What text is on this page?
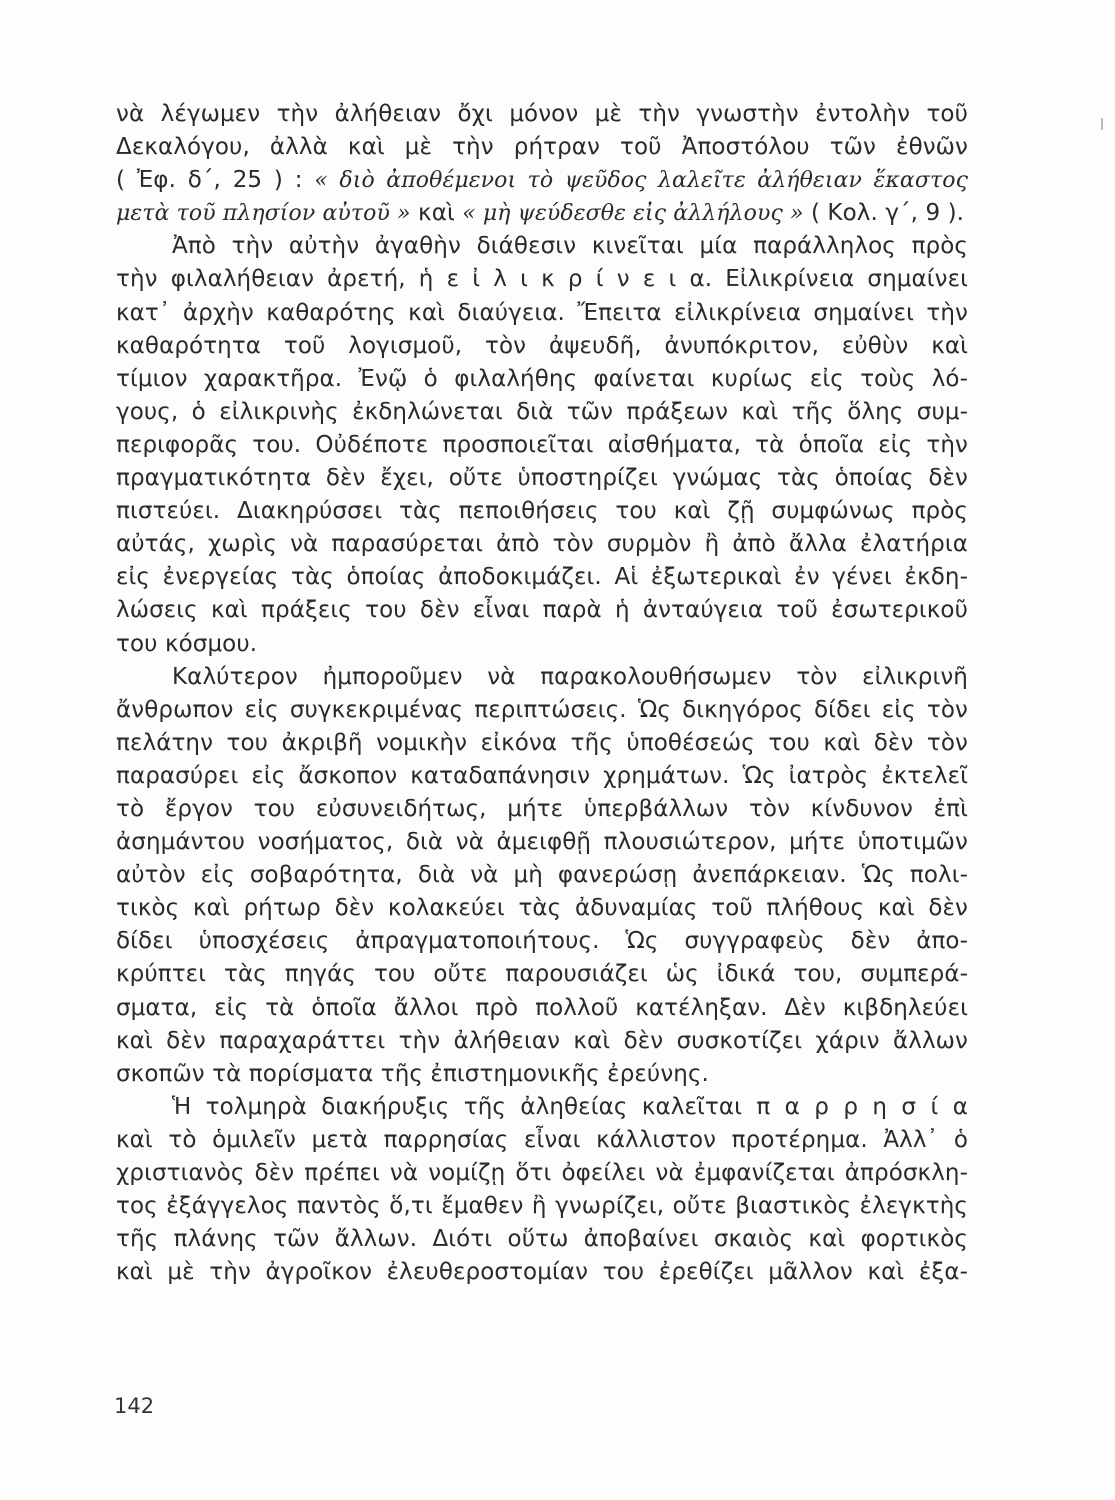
νὰ λέγωμεν τὴν ἀλήθειαν ὄχι μόνον μὲ τὴν γνωστὴν ἐντολὴν τοῦ
Δεκαλόγου, ἀλλὰ καὶ μὲ τὴν ρήτραν τοῦ Ἀποστόλου τῶν ἐθνῶν
( Ἐφ. δ΄, 25 ) : « διὸ ἀποθέμενοι τὸ ψεῦδος λαλεῖτε ἀλήθειαν ἕκαστος
μετὰ τοῦ πλησίον αὐτοῦ » καὶ « μὴ ψεύδεσθε εἰς ἀλλήλους » ( Κολ. γ΄, 9 ).
Ἀπὸ τὴν αὐτὴν ἀγαθὴν διάθεσιν κινεῖται μία παράλληλος πρὸς
τὴν φιλαλήθειαν ἀρετή, ἡ ε ἰ λ ι κ ρ ί ν ε ι α. Εἰλικρίνεια σημαίνει
κατ᾿ ἀρχὴν καθαρότης καὶ διαύγεια. Ἔπειτα εἰλικρίνεια σημαίνει τὴν
καθαρότητα τοῦ λογισμοῦ, τὸν ἀψευδῆ, ἀνυπόκριτον, εὐθὺν καὶ
τίμιον χαρακτῆρα. Ἐνῷ ὁ φιλαλήθης φαίνεται κυρίως εἰς τοὺς λό-
γους, ὁ εἰλικρινὴς ἐκδηλώνεται διὰ τῶν πράξεων καὶ τῆς ὅλης συμ-
περιφορᾶς του. Οὐδέποτε προσποιεῖται αἰσθήματα, τὰ ὁποῖα εἰς τὴν
πραγματικότητα δὲν ἔχει, οὔτε ὑποστηρίζει γνώμας τὰς ὁποίας δὲν
πιστεύει. Διακηρύσσει τὰς πεποιθήσεις του καὶ ζῇ συμφώνως πρὸς
αὐτάς, χωρὶς νὰ παρασύρεται ἀπὸ τὸν συρμὸν ἢ ἀπὸ ἄλλα ἐλατήρια
εἰς ἐνεργείας τὰς ὁποίας ἀποδοκιμάζει. Αἱ ἐξωτερικαὶ ἐν γένει ἐκδη-
λώσεις καὶ πράξεις του δὲν εἶναι παρὰ ἡ ἀνταύγεια τοῦ ἐσωτερικοῦ
του κόσμου.
Καλύτερον ἠμποροῦμεν νὰ παρακολουθήσωμεν τὸν εἰλικρινῆ
ἄνθρωπον εἰς συγκεκριμένας περιπτώσεις. Ὡς δικηγόρος δίδει εἰς τὸν
πελάτην του ἀκριβῆ νομικὴν εἰκόνα τῆς ὑποθέσεώς του καὶ δὲν τὸν
παρασύρει εἰς ἄσκοπον καταδαπάνησιν χρημάτων. Ὡς ἰατρὸς ἐκτελεῖ
τὸ ἔργον του εὐσυνειδήτως, μήτε ὑπερβάλλων τὸν κίνδυνον ἐπὶ
ἀσημάντου νοσήματος, διὰ νὰ ἀμειφθῇ πλουσιώτερον, μήτε ὑποτιμῶν
αὐτὸν εἰς σοβαρότητα, διὰ νὰ μὴ φανερώσῃ ἀνεπάρκειαν. Ὡς πολι-
τικὸς καὶ ρήτωρ δὲν κολακεύει τὰς ἀδυναμίας τοῦ πλήθους καὶ δὲν
δίδει ὑποσχέσεις ἀπραγματοποιήτους. Ὡς συγγραφεὺς δὲν ἀπο-
κρύπτει τὰς πηγάς του οὔτε παρουσιάζει ὡς ἰδικά του, συμπερά-
σματα, εἰς τὰ ὁποῖα ἄλλοι πρὸ πολλοῦ κατέληξαν. Δὲν κιβδηλεύει
καὶ δὲν παραχαράττει τὴν ἀλήθειαν καὶ δὲν συσκοτίζει χάριν ἄλλων
σκοπῶν τὰ πορίσματα τῆς ἐπιστημονικῆς ἐρεύνης.
Ἡ τολμηρὰ διακήρυξις τῆς ἀληθείας καλεῖται π α ρ ρ η σ ί α
καὶ τὸ ὁμιλεῖν μετὰ παρρησίας εἶναι κάλλιστον προτέρημα. Ἀλλ᾿ ὁ
χριστιανὸς δὲν πρέπει νὰ νομίζῃ ὅτι ὀφείλει νὰ ἐμφανίζεται ἀπρόσκλη-
τος ἐξάγγελος παντὸς ὅ,τι ἔμαθεν ἢ γνωρίζει, οὔτε βιαστικὸς ἐλεγκτὴς
τῆς πλάνης τῶν ἄλλων. Διότι οὕτω ἀποβαίνει σκαιὸς καὶ φορτικὸς
καὶ μὲ τὴν ἀγροῖκον ἐλευθεροστομίαν του ἐρεθίζει μᾶλλον καὶ ἐξα-
142
